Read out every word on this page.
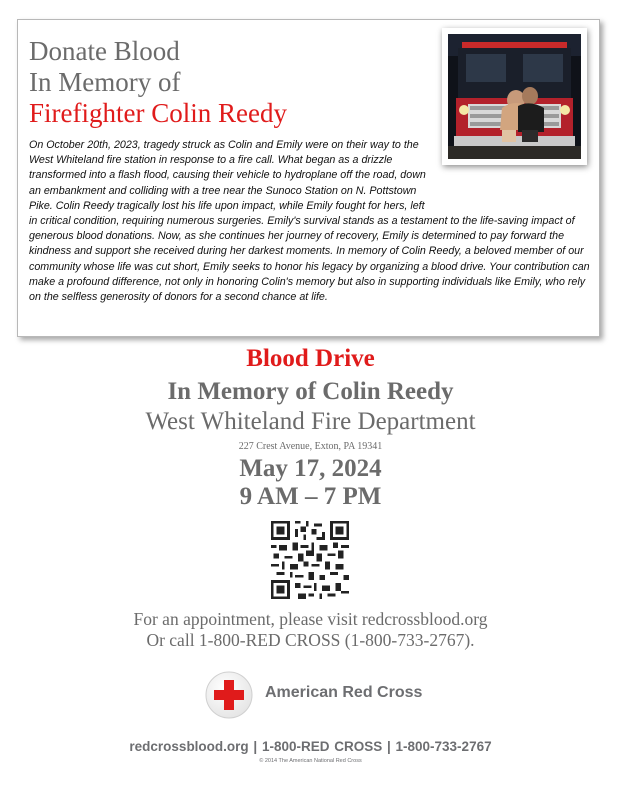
Donate Blood
In Memory of
Firefighter Colin Reedy
On October 20th, 2023, tragedy struck as Colin and Emily were on their way to the West Whiteland fire station in response to a fire call. What began as a drizzle transformed into a flash flood, causing their vehicle to hydroplane off the road, down an embankment and colliding with a tree near the Sunoco Station on N. Pottstown Pike. Colin Reedy tragically lost his life upon impact, while Emily fought for hers, left in critical condition, requiring numerous surgeries. Emily's survival stands as a testament to the life-saving impact of generous blood donations. Now, as she continues her journey of recovery, Emily is determined to pay forward the kindness and support she received during her darkest moments. In memory of Colin Reedy, a beloved member of our community whose life was cut short, Emily seeks to honor his legacy by organizing a blood drive. Your contribution can make a profound difference, not only in honoring Colin's memory but also in supporting individuals like Emily, who rely on the selfless generosity of donors for a second chance at life.
Blood Drive
In Memory of Colin Reedy
West Whiteland Fire Department
227 Crest Avenue, Exton, PA 19341
May 17, 2024
9 AM – 7 PM
For an appointment, please visit redcrossblood.org
Or call 1-800-RED CROSS (1-800-733-2767).
American Red Cross
redcrossblood.org | 1-800-RED CROSS | 1-800-733-2767
© 2014 The American National Red Cross
